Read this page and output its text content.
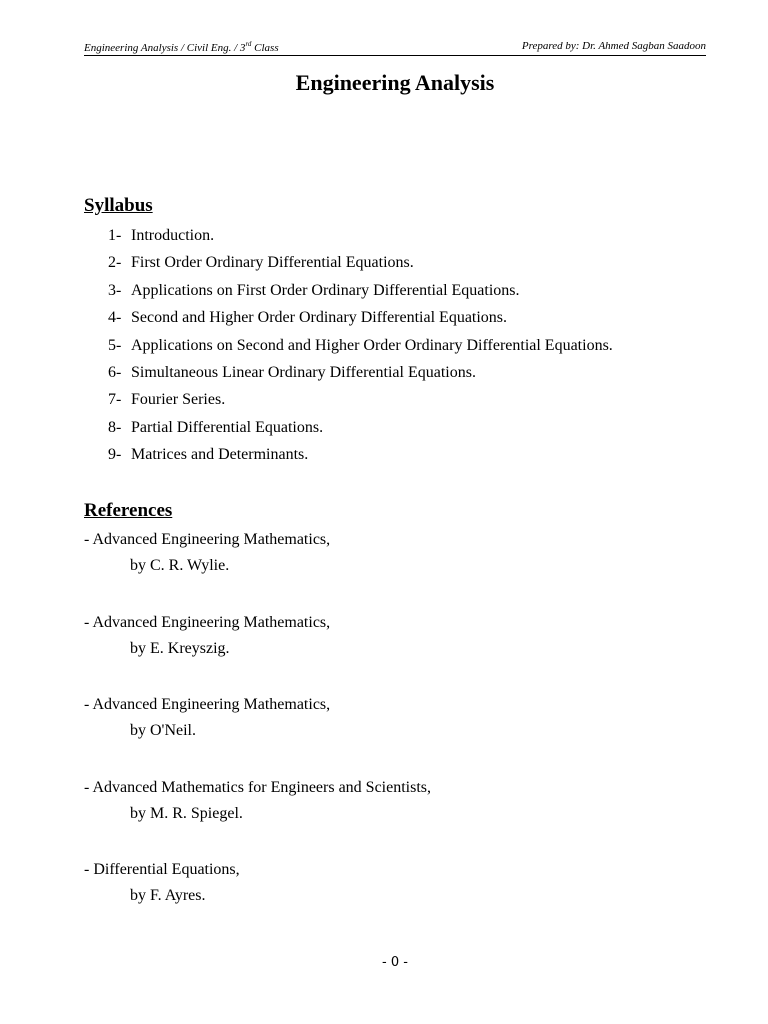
Engineering Analysis / Civil Eng. / 3rd Class	Prepared by: Dr. Ahmed Sagban Saadoon
Engineering Analysis
Syllabus
1- Introduction.
2- First Order Ordinary Differential Equations.
3- Applications on First Order Ordinary Differential Equations.
4- Second and Higher Order Ordinary Differential Equations.
5- Applications on Second and Higher Order Ordinary Differential Equations.
6- Simultaneous Linear Ordinary Differential Equations.
7- Fourier Series.
8- Partial Differential Equations.
9- Matrices and Determinants.
References
- Advanced Engineering Mathematics,
by C. R. Wylie.
- Advanced Engineering Mathematics,
by E. Kreyszig.
- Advanced Engineering Mathematics,
by O'Neil.
- Advanced Mathematics for Engineers and Scientists,
by M. R. Spiegel.
- Differential Equations,
by F. Ayres.
- 0 -
